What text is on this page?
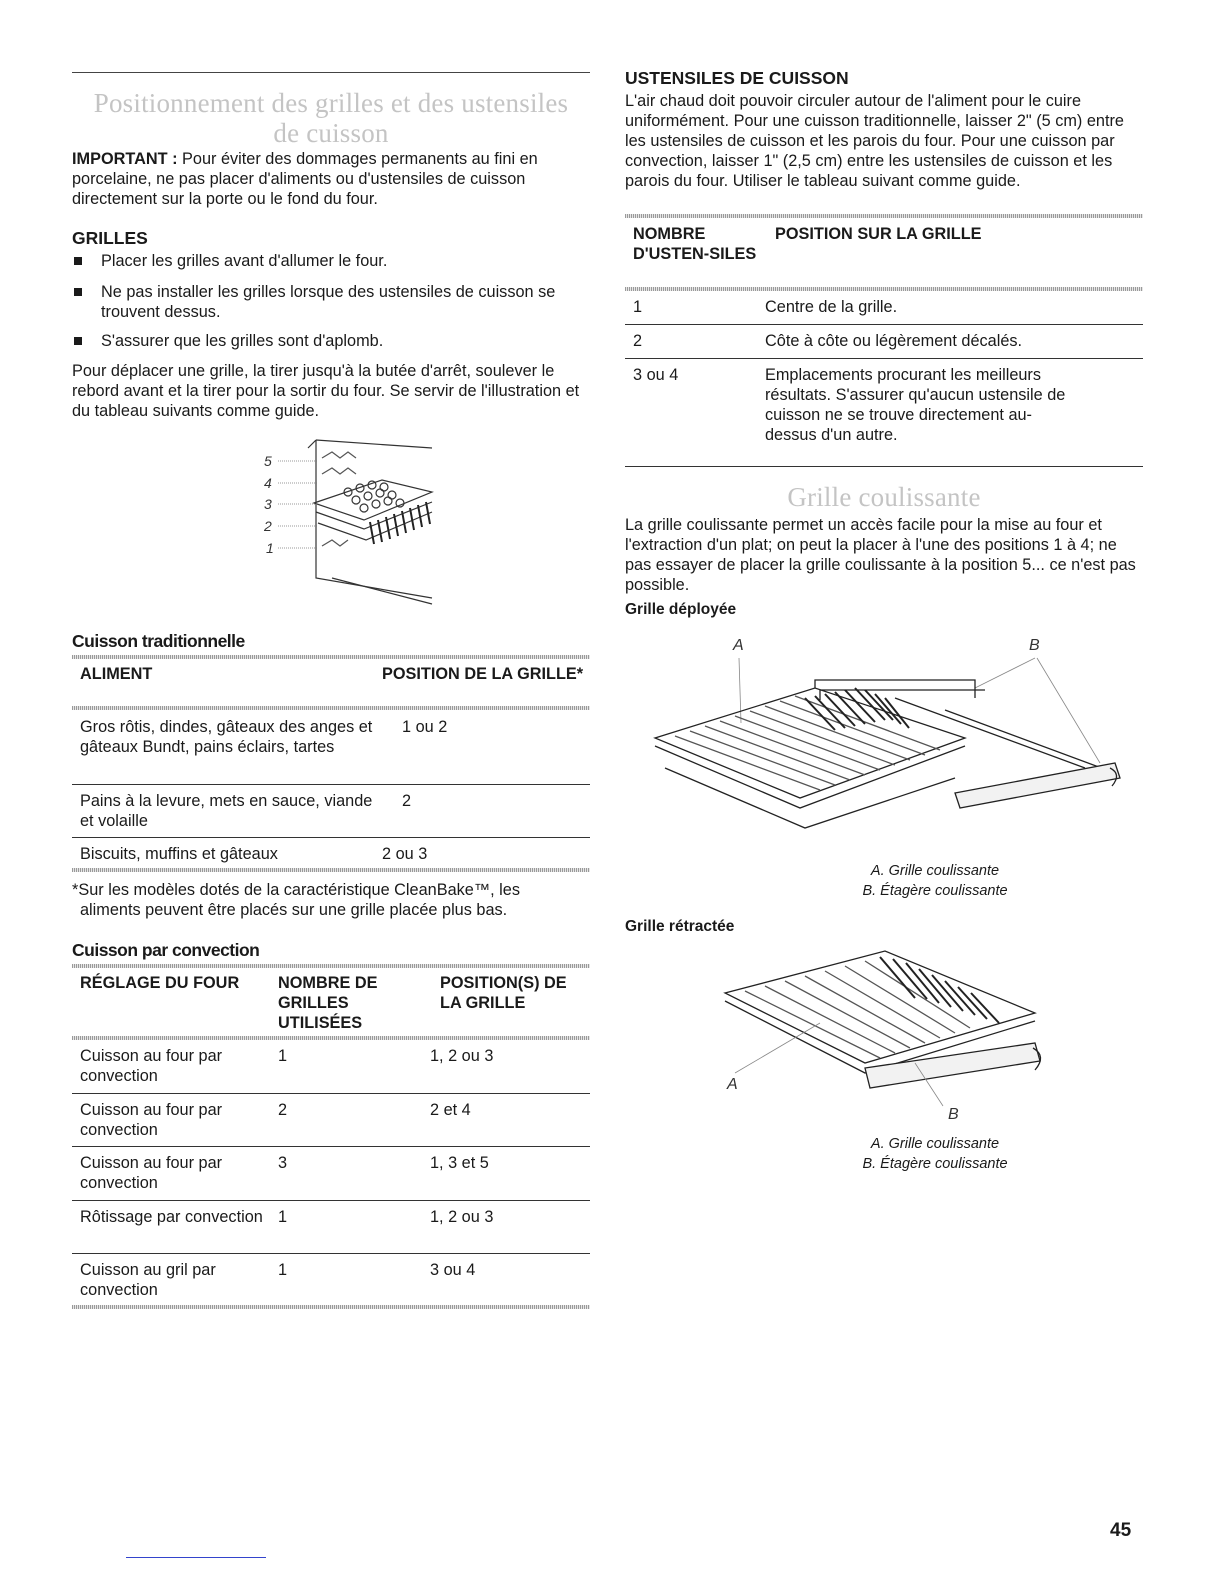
Positionnement des grilles et des ustensiles
de cuisson

IMPORTANT : Pour éviter des dommages permanents au fini en porcelaine, ne pas placer d'aliments ou d'ustensiles de cuisson directement sur la porte ou le fond du four.

GRILLES

Placer les grilles avant d'allumer le four.

Ne pas installer les grilles lorsque des ustensiles de cuisson se trouvent dessus.

S'assurer que les grilles sont d'aplomb.

Pour déplacer une grille, la tirer jusqu'à la butée d'arrêt, soulever le rebord avant et la tirer pour la sortir du four. Se servir de l'illustration et du tableau suivants comme guide.

5
4
3
2
1
Cuisson traditionnelle
ALIMENT	POSITION DE LA GRILLE*
Gros rôtis, dindes, gâteaux des anges et gâteaux Bundt, pains éclairs, tartes	1 ou 2
Pains à la levure, mets en sauce, viande et volaille	2
Biscuits, muffins et gâteaux	2 ou 3

*Sur les modèles dotés de la caractéristique CleanBake™, les aliments peuvent être placés sur une grille placée plus bas.

Cuisson par convection
RÉGLAGE DU FOUR	NOMBRE DE GRILLES UTILISÉES	POSITION(S) DE LA GRILLE
Cuisson au four par convection	1	1, 2 ou 3
Cuisson au four par convection	2	2 et 4
Cuisson au four par convection	3	1, 3 et 5
Rôtissage par convection	1	1, 2 ou 3
Cuisson au gril par convection	1	3 ou 4
USTENSILES DE CUISSON

L'air chaud doit pouvoir circuler autour de l'aliment pour le cuire uniformément. Pour une cuisson traditionnelle, laisser 2" (5 cm) entre les ustensiles de cuisson et les parois du four. Pour une cuisson par convection, laisser 1" (2,5 cm) entre les ustensiles de cuisson et les parois du four. Utiliser le tableau suivant comme guide.

NOMBRE D'USTEN-SILES	POSITION SUR LA GRILLE
1	Centre de la grille.
2	Côte à côte ou légèrement décalés.
3 ou 4	Emplacements procurant les meilleurs résultats. S'assurer qu'aucun ustensile de cuisson ne se trouve directement au-dessus d'un autre.
Grille coulissante

La grille coulissante permet un accès facile pour la mise au four et l'extraction d'un plat; on peut la placer à l'une des positions 1 à 4; ne pas essayer de placer la grille coulissante à la position 5... ce n'est pas possible.

Grille déployée
A	B
A. Grille coulissante
B. Étagère coulissante
Grille rétractée
A
B
A. Grille coulissante
B. Étagère coulissante
45
